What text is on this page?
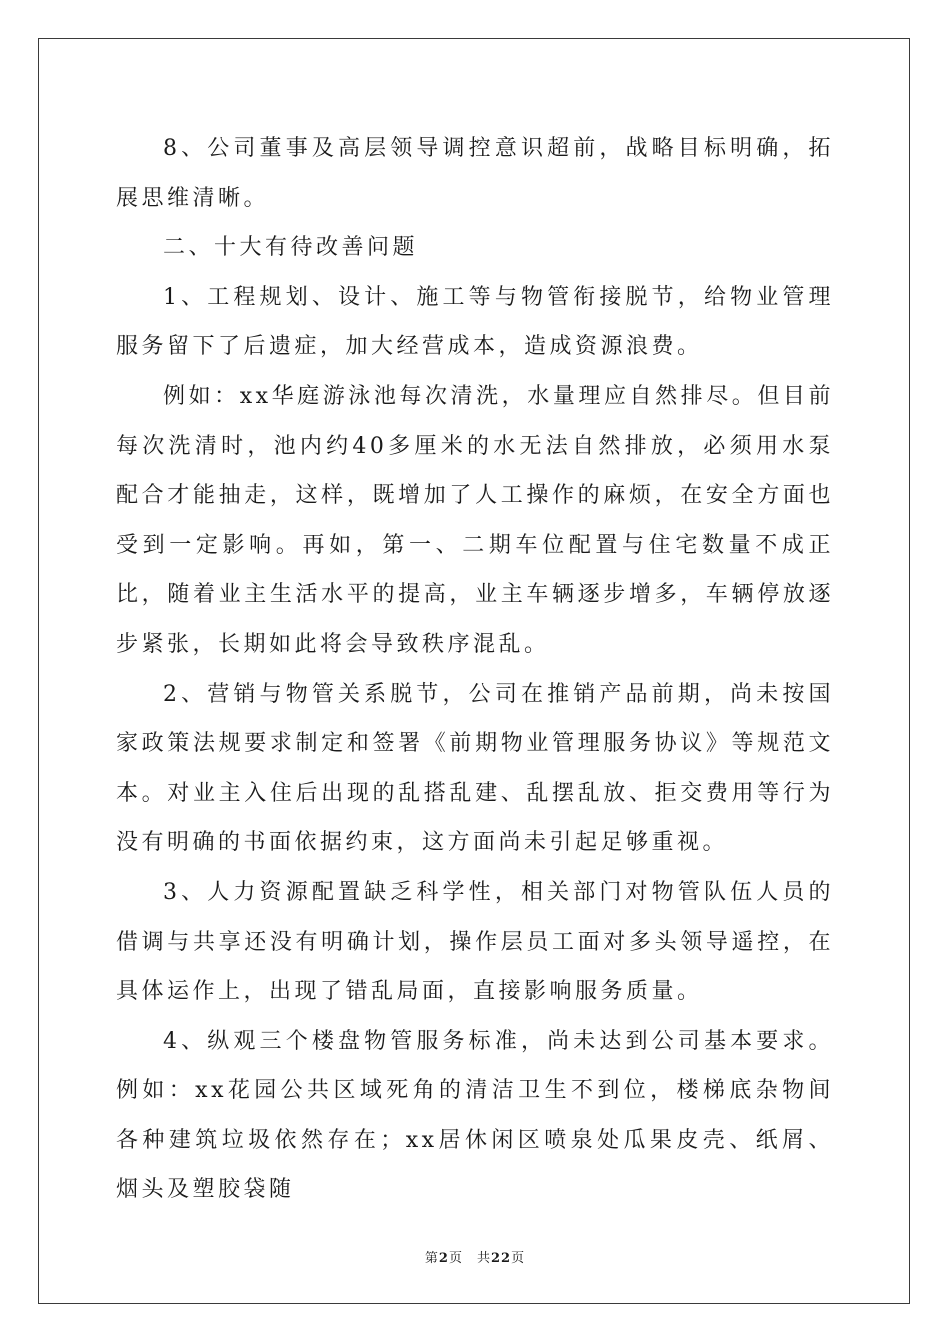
8、公司董事及高层领导调控意识超前，战略目标明确，拓展思维清晰。

二、十大有待改善问题

1、工程规划、设计、施工等与物管衔接脱节，给物业管理服务留下了后遗症，加大经营成本，造成资源浪费。

例如：xx华庭游泳池每次清洗，水量理应自然排尽。但目前每次洗清时，池内约40多厘米的水无法自然排放，必须用水泵配合才能抽走，这样，既增加了人工操作的麻烦，在安全方面也受到一定影响。再如，第一、二期车位配置与住宅数量不成正比，随着业主生活水平的提高，业主车辆逐步增多，车辆停放逐步紧张，长期如此将会导致秩序混乱。

2、营销与物管关系脱节，公司在推销产品前期，尚未按国家政策法规要求制定和签署《前期物业管理服务协议》等规范文本。对业主入住后出现的乱搭乱建、乱摆乱放、拒交费用等行为没有明确的书面依据约束，这方面尚未引起足够重视。

3、人力资源配置缺乏科学性，相关部门对物管队伍人员的借调与共享还没有明确计划，操作层员工面对多头领导遥控，在具体运作上，出现了错乱局面，直接影响服务质量。

4、纵观三个楼盘物管服务标准，尚未达到公司基本要求。例如：xx花园公共区域死角的清洁卫生不到位，楼梯底杂物间各种建筑垃圾依然存在；xx居休闲区喷泉处瓜果皮壳、纸屑、烟头及塑胶袋随

第2页 共22页
